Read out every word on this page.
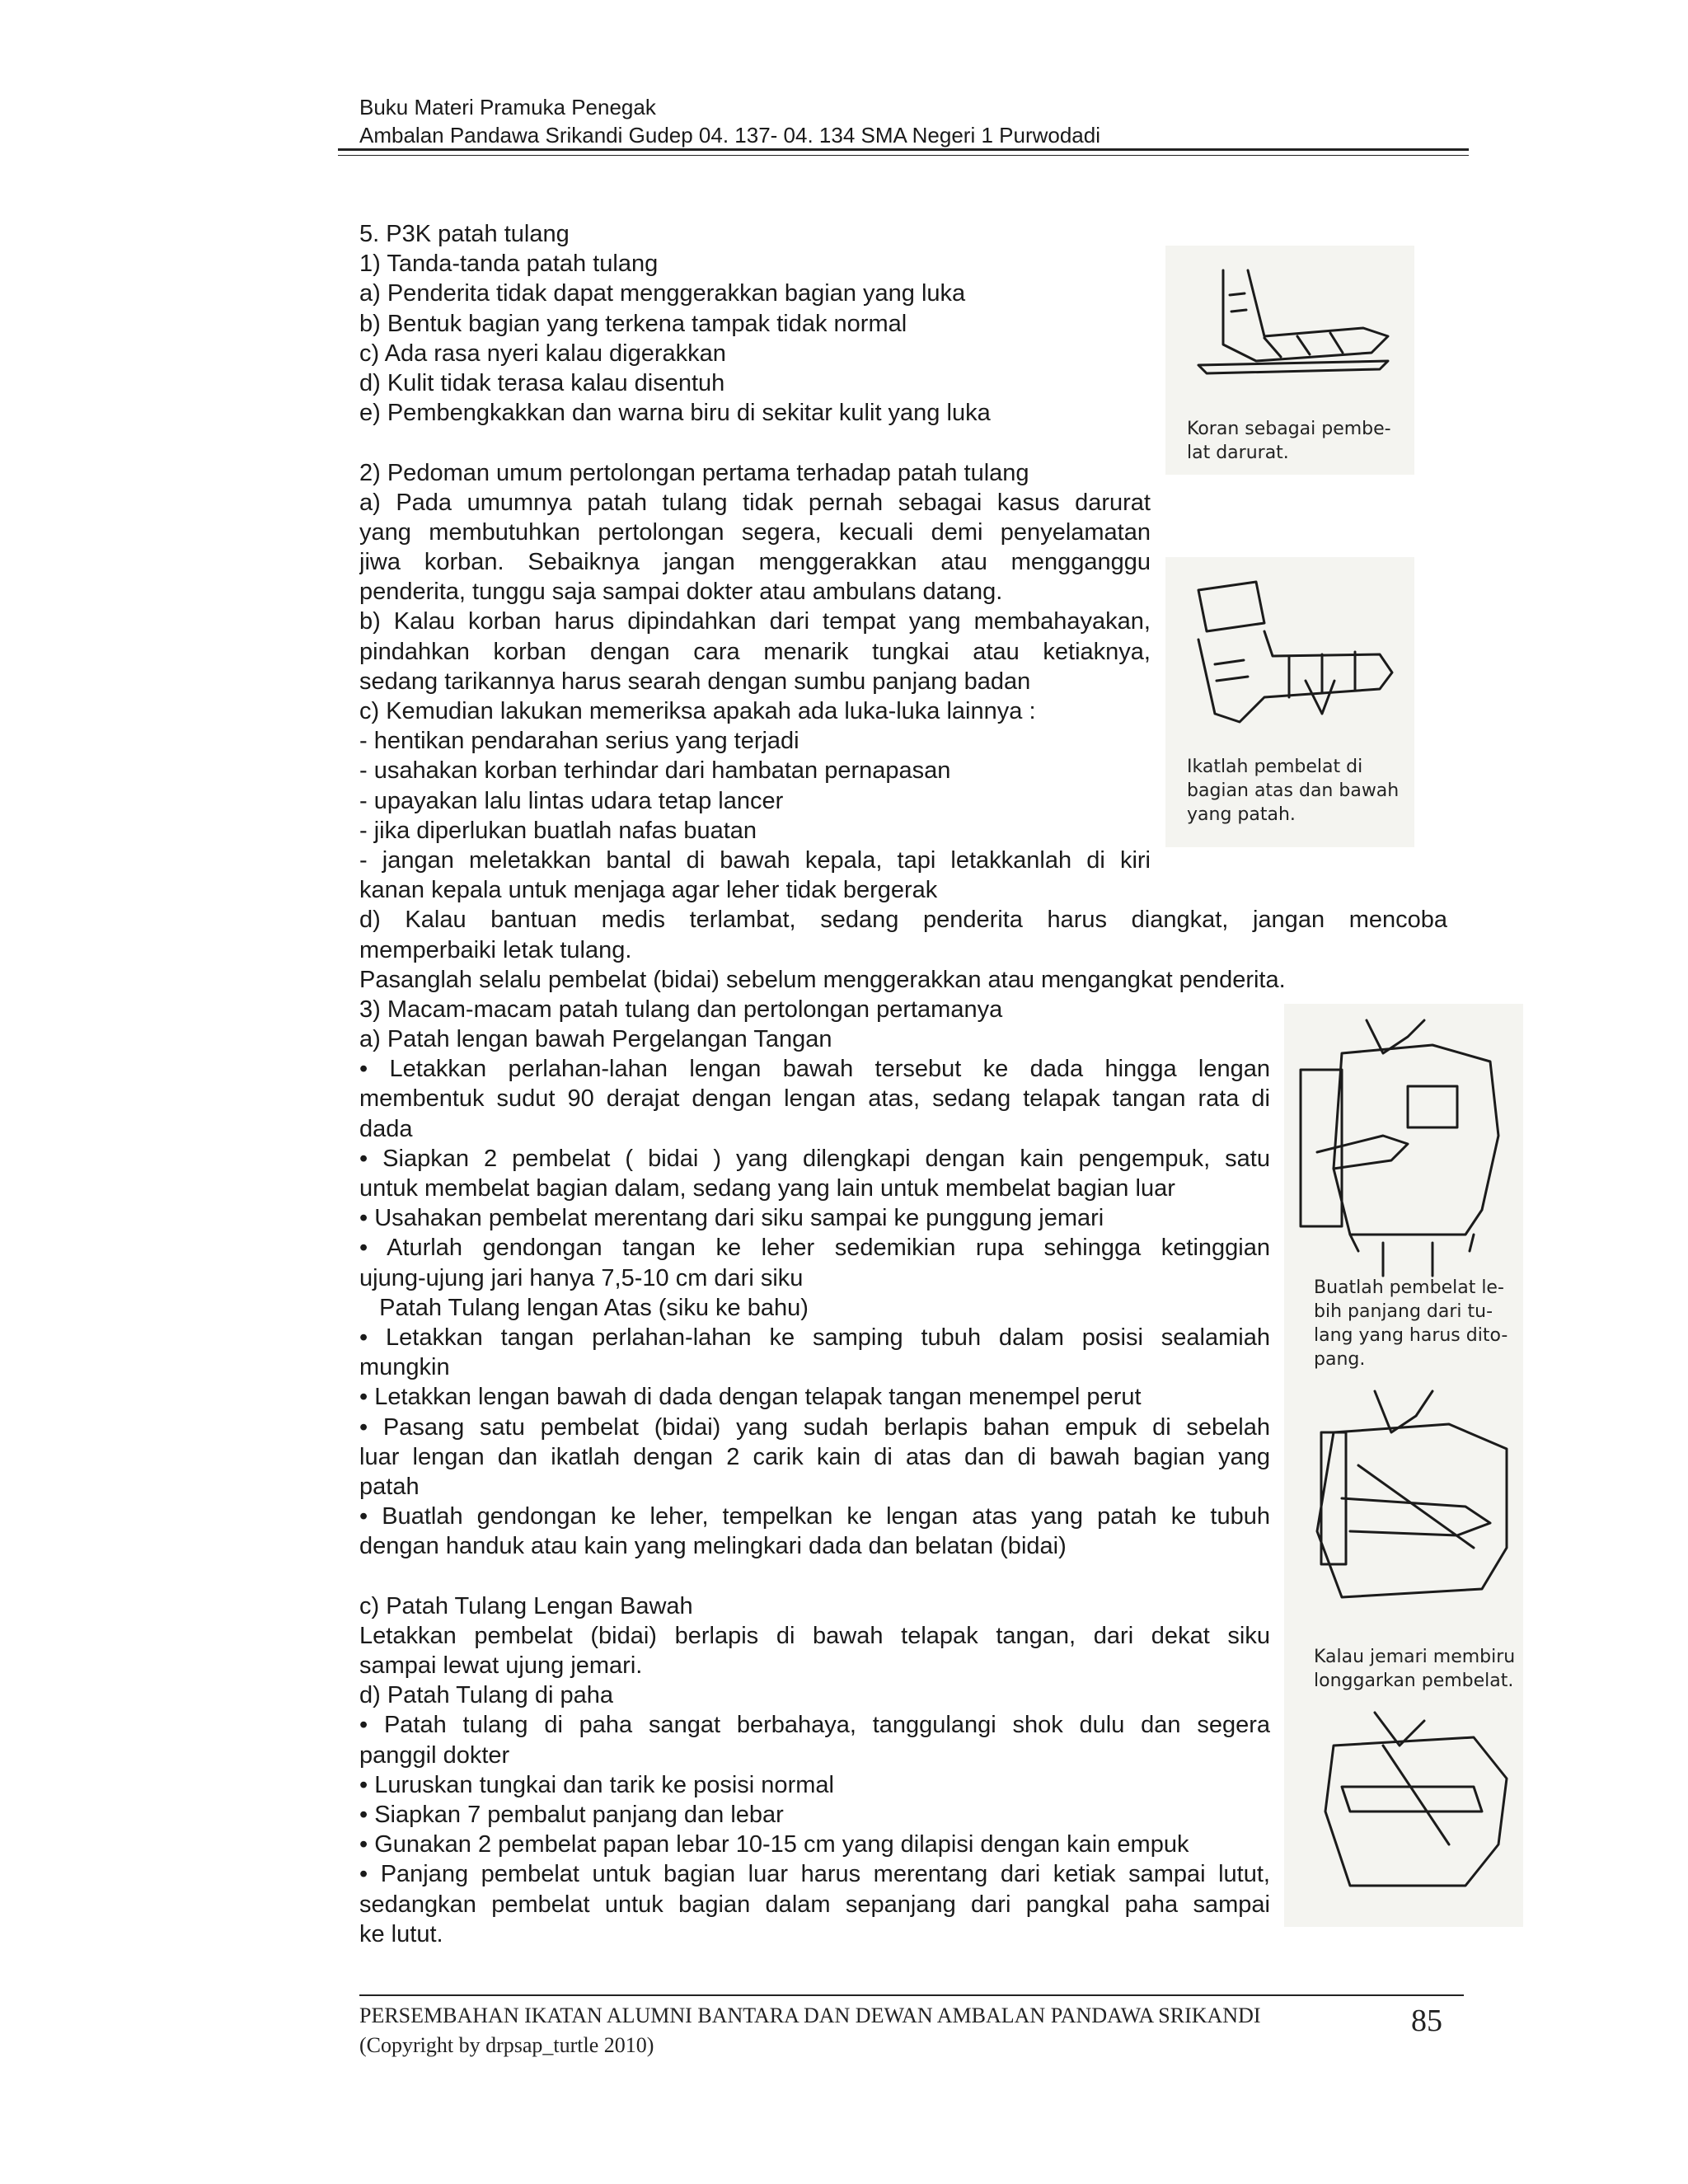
Buku Materi Pramuka Penegak
Ambalan Pandawa Srikandi Gudep 04. 137- 04. 134 SMA Negeri 1 Purwodadi
Koran sebagai pembe-
lat darurat.
Ikatlah pembelat di
bagian atas dan bawah
yang patah.
Buatlah pembelat le-
bih panjang dari tu-
lang yang harus dito-
pang.
Kalau jemari membiru
longgarkan pembelat.
5. P3K patah tulang
1) Tanda-tanda patah tulang
a) Penderita tidak dapat menggerakkan bagian yang luka
b) Bentuk bagian yang terkena tampak tidak normal
c) Ada rasa nyeri kalau digerakkan
d) Kulit tidak terasa kalau disentuh
e) Pembengkakkan dan warna biru di sekitar kulit yang luka
2) Pedoman umum pertolongan pertama terhadap patah tulang
a) Pada umumnya patah tulang tidak pernah sebagai kasus darurat
yang membutuhkan pertolongan segera, kecuali demi penyelamatan
jiwa korban. Sebaiknya jangan menggerakkan atau mengganggu
penderita, tunggu saja sampai dokter atau ambulans datang.
b) Kalau korban harus dipindahkan dari tempat yang membahayakan,
pindahkan korban dengan cara menarik tungkai atau ketiaknya,
sedang tarikannya harus searah dengan sumbu panjang badan
c) Kemudian lakukan memeriksa apakah ada luka-luka lainnya :
- hentikan pendarahan serius yang terjadi
- usahakan korban terhindar dari hambatan pernapasan
- upayakan lalu lintas udara tetap lancer
- jika diperlukan buatlah nafas buatan
- jangan meletakkan bantal di bawah kepala, tapi letakkanlah di kiri
kanan kepala untuk menjaga agar leher tidak bergerak
d) Kalau bantuan medis terlambat, sedang penderita harus diangkat, jangan mencoba
memperbaiki letak tulang.
Pasanglah selalu pembelat (bidai) sebelum menggerakkan atau mengangkat penderita.
3) Macam-macam patah tulang dan pertolongan pertamanya
a) Patah lengan bawah Pergelangan Tangan
• Letakkan perlahan-lahan lengan bawah tersebut ke dada hingga lengan
membentuk sudut 90 derajat dengan lengan atas, sedang telapak tangan rata di
dada
• Siapkan 2 pembelat ( bidai ) yang dilengkapi dengan kain pengempuk, satu
untuk membelat bagian dalam, sedang yang lain untuk membelat bagian luar
• Usahakan pembelat merentang dari siku sampai ke punggung jemari
• Aturlah gendongan tangan ke leher sedemikian rupa sehingga ketinggian
ujung-ujung jari hanya 7,5-10 cm dari siku
Patah Tulang lengan Atas (siku ke bahu)
• Letakkan tangan perlahan-lahan ke samping tubuh dalam posisi sealamiah
mungkin
• Letakkan lengan bawah di dada dengan telapak tangan menempel perut
• Pasang satu pembelat (bidai) yang sudah berlapis bahan empuk di sebelah
luar lengan dan ikatlah dengan 2 carik kain di atas dan di bawah bagian yang
patah
• Buatlah gendongan ke leher, tempelkan ke lengan atas yang patah ke tubuh
dengan handuk atau kain yang melingkari dada dan belatan (bidai)
c) Patah Tulang Lengan Bawah
Letakkan pembelat (bidai) berlapis di bawah telapak tangan, dari dekat siku
sampai lewat ujung jemari.
d) Patah Tulang di paha
• Patah tulang di paha sangat berbahaya, tanggulangi shok dulu dan segera
panggil dokter
• Luruskan tungkai dan tarik ke posisi normal
• Siapkan 7 pembalut panjang dan lebar
• Gunakan 2 pembelat papan lebar 10-15 cm yang dilapisi dengan kain empuk
• Panjang pembelat untuk bagian luar harus merentang dari ketiak sampai lutut,
sedangkan pembelat untuk bagian dalam sepanjang dari pangkal paha sampai
ke lutut.
PERSEMBAHAN IKATAN ALUMNI BANTARA DAN DEWAN AMBALAN PANDAWA SRIKANDI
(Copyright by drpsap_turtle 2010)
85
